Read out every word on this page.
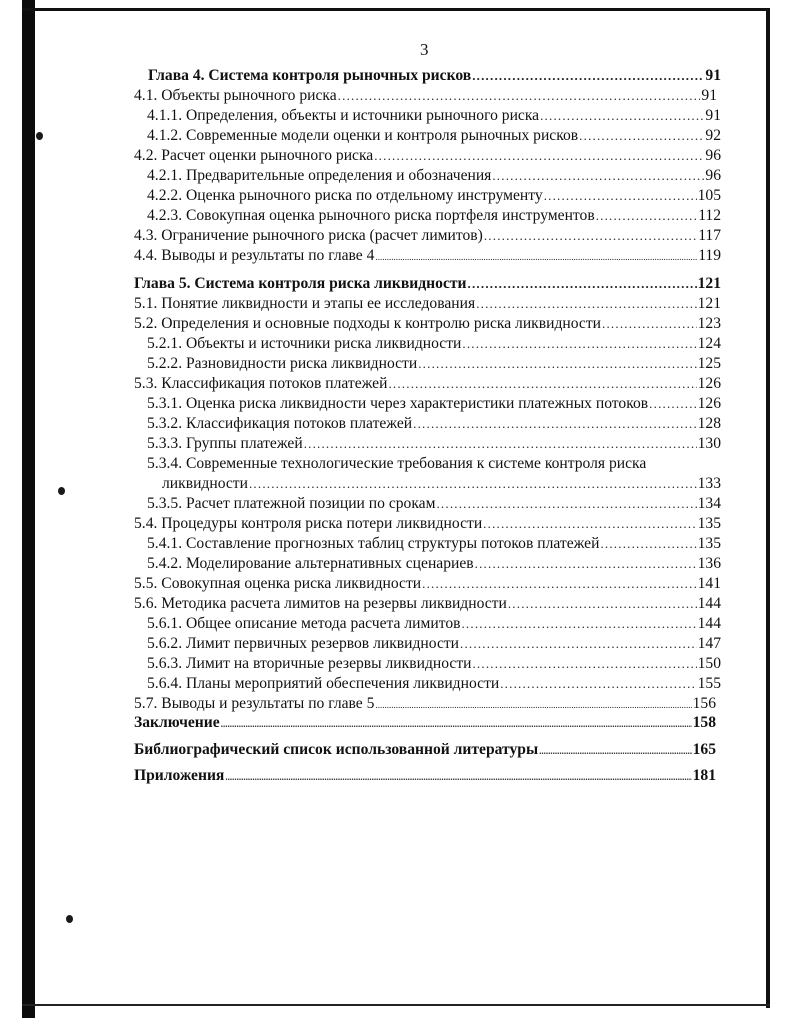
3
Глава 4. Система контроля рыночных рисков .....	91
4.1. Объекты рыночного риска .....	91
4.1.1. Определения, объекты и источники рыночного риска .....	91
4.1.2. Современные модели оценки и контроля рыночных рисков .....	92
4.2. Расчет оценки рыночного риска .....	96
4.2.1. Предварительные определения и обозначения .....	96
4.2.2. Оценка рыночного риска по отдельному инструменту .....	105
4.2.3. Совокупная оценка рыночного риска портфеля инструментов .....	112
4.3. Ограничение рыночного риска (расчет лимитов) .....	117
4.4. Выводы и результаты по главе 4 .....	119
Глава 5. Система контроля риска ликвидности .....	121
5.1. Понятие ликвидности и этапы ее исследования .....	121
5.2. Определения и основные подходы к контролю риска ликвидности .....	123
5.2.1. Объекты и источники риска ликвидности .....	124
5.2.2. Разновидности риска ликвидности .....	125
5.3. Классификация потоков платежей .....	126
5.3.1. Оценка риска ликвидности через характеристики платежных потоков .....	126
5.3.2. Классификация потоков платежей .....	128
5.3.3. Группы платежей .....	130
5.3.4. Современные технологические требования к системе контроля риска
ликвидности .....	133
5.3.5. Расчет платежной позиции по срокам .....	134
5.4. Процедуры контроля риска потери ликвидности .....	135
5.4.1. Составление прогнозных таблиц структуры потоков платежей .....	135
5.4.2. Моделирование альтернативных сценариев .....	136
5.5. Совокупная оценка риска ликвидности .....	141
5.6. Методика расчета лимитов на резервы ликвидности .....	144
5.6.1. Общее описание метода расчета лимитов .....	144
5.6.2. Лимит первичных резервов ликвидности .....	147
5.6.3. Лимит на вторичные резервы ликвидности .....	150
5.6.4. Планы мероприятий обеспечения ликвидности .....	155
5.7. Выводы и результаты по главе 5 .....	156
Заключение .....	158
Библиографический список использованной литературы .....	165
Приложения .....	181
